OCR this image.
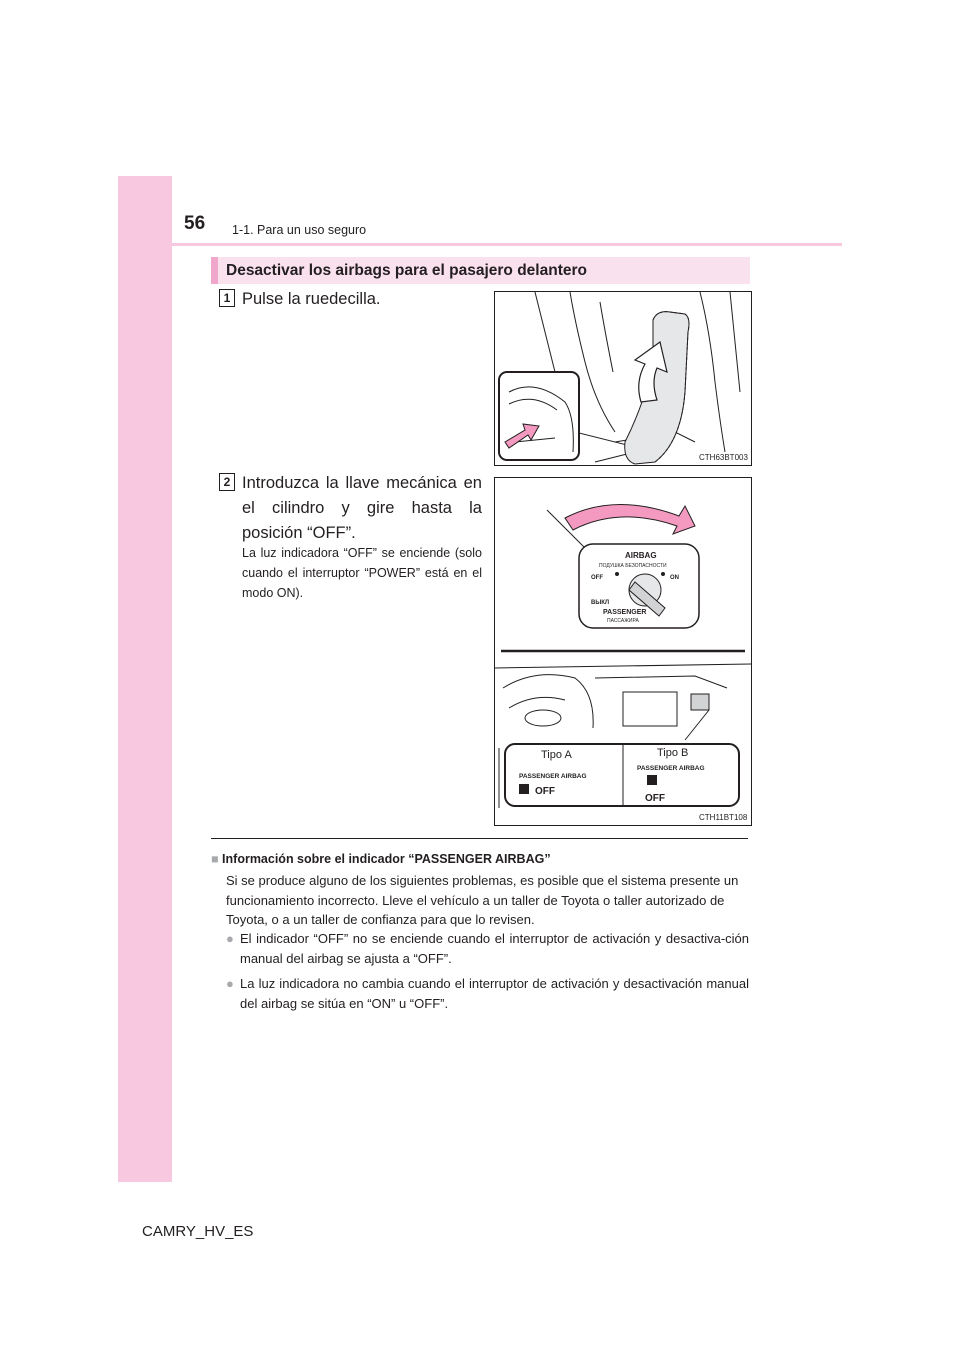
56 1-1. Para un uso seguro
Desactivar los airbags para el pasajero delantero
1 Pulse la ruedecilla.
CTH63BT003
2 Introduzca la llave mecánica en el cilindro y gire hasta la posición “OFF”.
La luz indicadora “OFF” se enciende (solo cuando el interruptor “POWER” está en el modo ON).
AIRBAG
ПОДУШКА БЕЗОПАСНОСТИ
OFF	ON
ВЫКЛ
PASSENGER
ПАССАЖИРА
Tipo A	Tipo B
PASSENGER AIRBAG
PASSENGER AIRBAG
OFF
OFF
CTH11BT108
■ Información sobre el indicador “PASSENGER AIRBAG”
Si se produce alguno de los siguientes problemas, es posible que el sistema presente un funcionamiento incorrecto. Lleve el vehículo a un taller de Toyota o taller autorizado de Toyota, o a un taller de confianza para que lo revisen.
● El indicador “OFF” no se enciende cuando el interruptor de activación y desactiva-ción manual del airbag se ajusta a “OFF”.
● La luz indicadora no cambia cuando el interruptor de activación y desactivación manual del airbag se sitúa en “ON” u “OFF”.
CAMRY_HV_ES
